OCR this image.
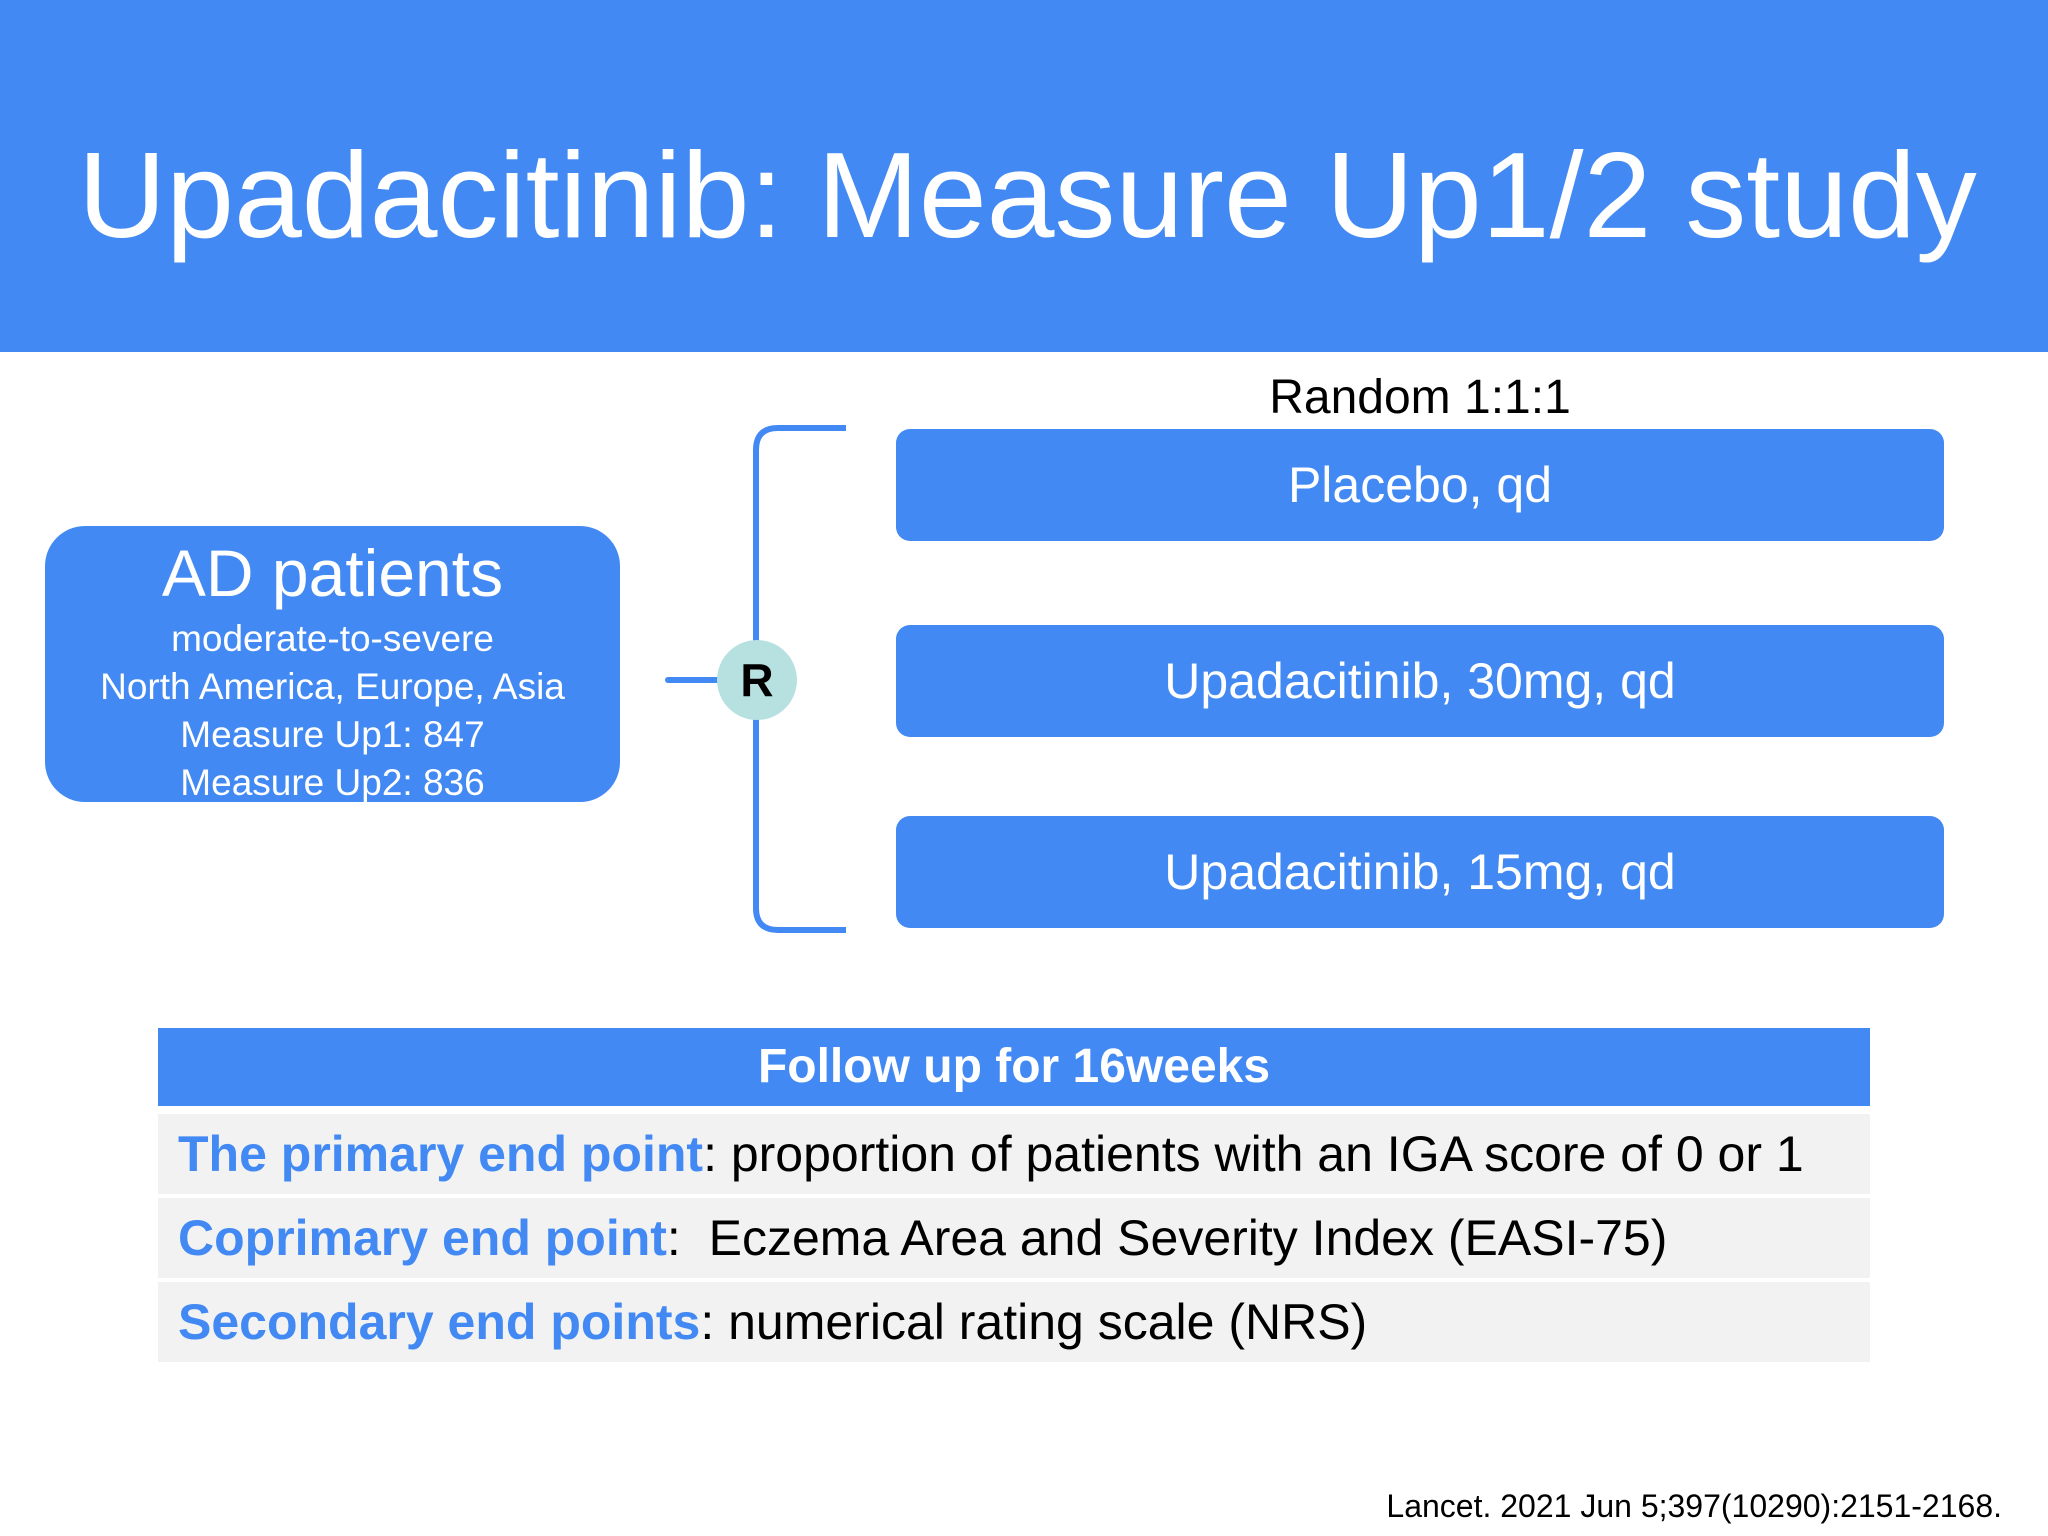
Upadacitinib: Measure Up1/2 study
AD patients
moderate-to-severe
North America, Europe, Asia
Measure Up1: 847
Measure Up2: 836
R
Random 1:1:1
Placebo, qd
Upadacitinib, 30mg, qd
Upadacitinib, 15mg, qd
Follow up for 16weeks
The primary end point: proportion of patients with an IGA score of 0 or 1
Coprimary end point:  Eczema Area and Severity Index (EASI-75)
Secondary end points: numerical rating scale (NRS)
Lancet. 2021 Jun 5;397(10290):2151-2168.
